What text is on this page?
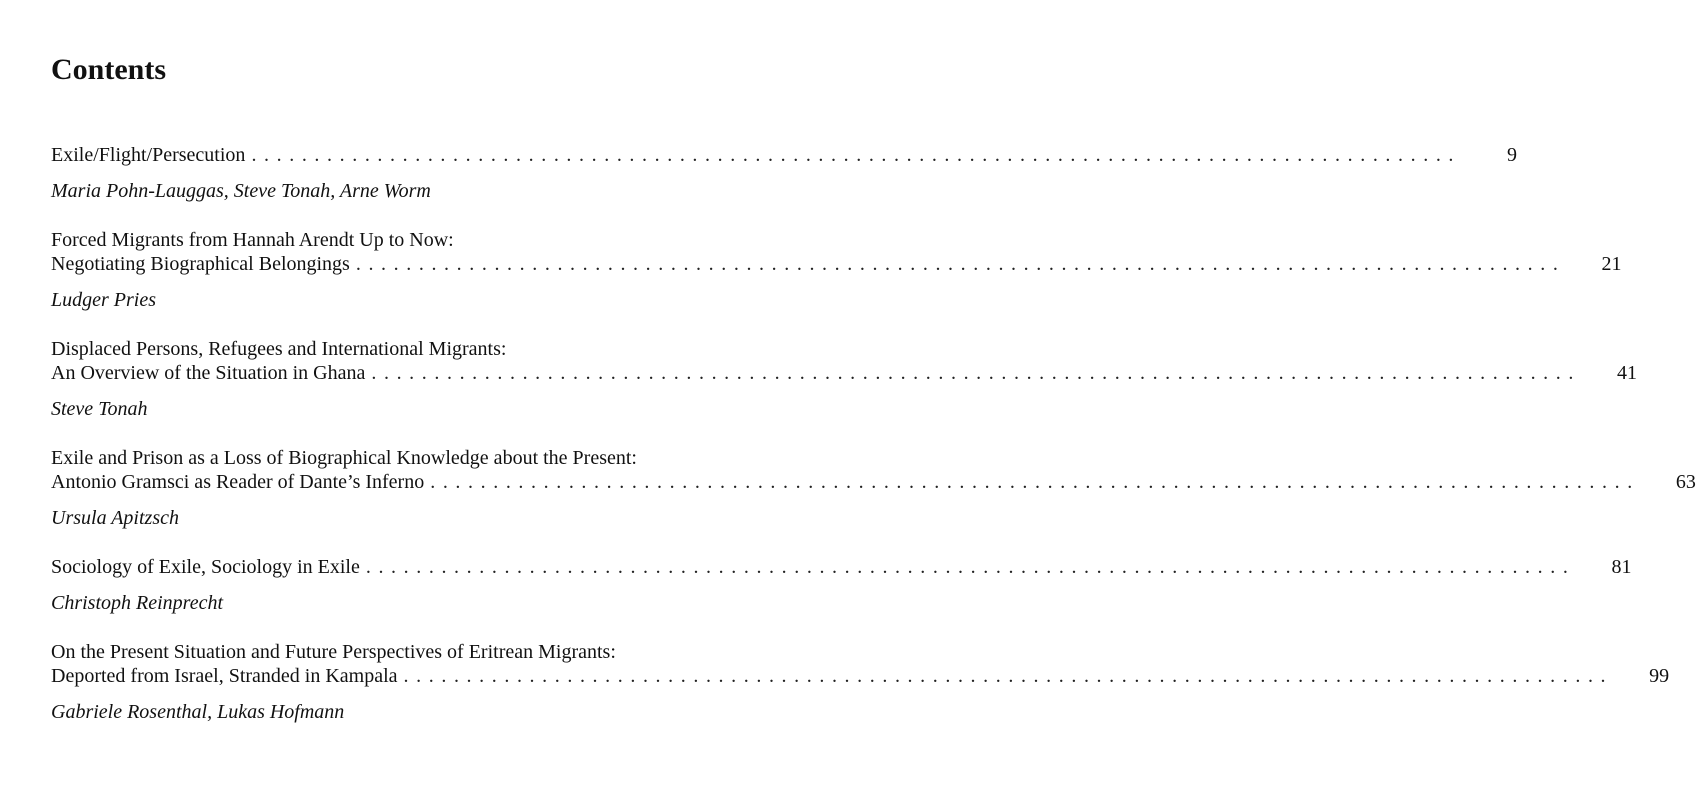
Contents
Exile/Flight/Persecution ................................................................................................	9
Maria Pohn-Lauggas, Steve Tonah, Arne Worm
Forced Migrants from Hannah Arendt Up to Now:
Negotiating Biographical Belongings ................................................................................................ 21
Ludger Pries
Displaced Persons, Refugees and International Migrants:
An Overview of the Situation in Ghana ................................................................................................ 41
Steve Tonah
Exile and Prison as a Loss of Biographical Knowledge about the Present:
Antonio Gramsci as Reader of Dante’s Inferno ................................................................................................ 63
Ursula Apitzsch
Sociology of Exile, Sociology in Exile ................................................................................................ 81
Christoph Reinprecht
On the Present Situation and Future Perspectives of Eritrean Migrants:
Deported from Israel, Stranded in Kampala ................................................................................................ 99
Gabriele Rosenthal, Lukas Hofmann
